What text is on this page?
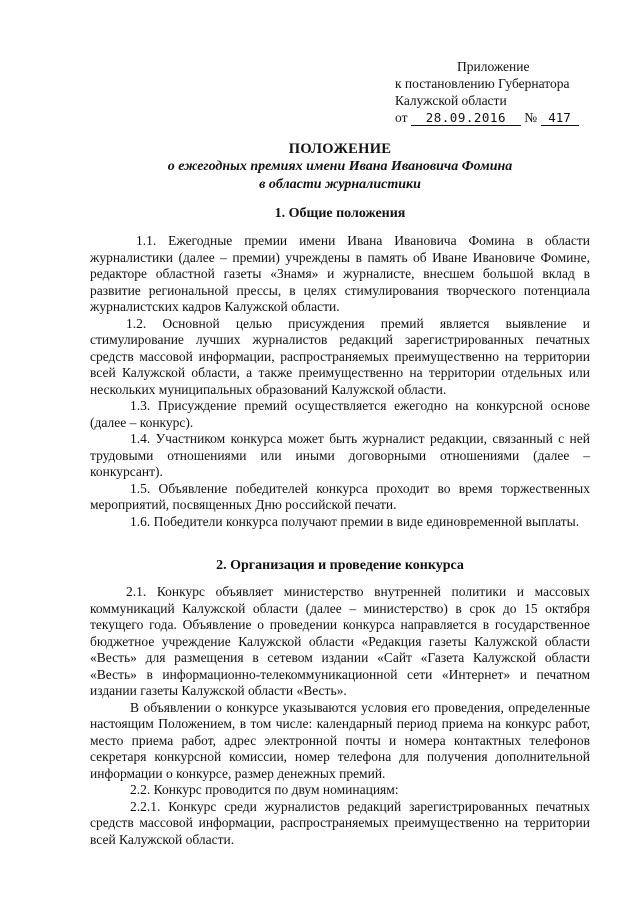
Приложение
к постановлению Губернатора
Калужской области
от 28.09.2016 № 417
ПОЛОЖЕНИЕ
о ежегодных премиях имени Ивана Ивановича Фомина
в области журналистики
1. Общие положения

1.1. Ежегодные премии имени Ивана Ивановича Фомина в области журналистики (далее – премии) учреждены в память об Иване Ивановиче Фомине, редакторе областной газеты «Знамя» и журналисте, внесшем большой вклад в развитие региональной прессы, в целях стимулирования творческого потенциала журналистских кадров Калужской области.

1.2. Основной целью присуждения премий является выявление и стимулирование лучших журналистов редакций зарегистрированных печатных средств массовой информации, распространяемых преимущественно на территории всей Калужской области, а также преимущественно на территории отдельных или нескольких муниципальных образований Калужской области.

1.3. Присуждение премий осуществляется ежегодно на конкурсной основе (далее – конкурс).

1.4. Участником конкурса может быть журналист редакции, связанный с ней трудовыми отношениями или иными договорными отношениями (далее – конкурсант).

1.5. Объявление победителей конкурса проходит во время торжественных мероприятий, посвященных Дню российской печати.

1.6. Победители конкурса получают премии в виде единовременной выплаты.

2. Организация и проведение конкурса

2.1. Конкурс объявляет министерство внутренней политики и массовых коммуникаций Калужской области (далее – министерство) в срок до 15 октября текущего года. Объявление о проведении конкурса направляется в государственное бюджетное учреждение Калужской области «Редакция газеты Калужской области «Весть» для размещения в сетевом издании «Сайт «Газета Калужской области «Весть» в информационно-телекоммуникационной сети «Интернет» и печатном издании газеты Калужской области «Весть».

В объявлении о конкурсе указываются условия его проведения, определенные настоящим Положением, в том числе: календарный период приема на конкурс работ, место приема работ, адрес электронной почты и номера контактных телефонов секретаря конкурсной комиссии, номер телефона для получения дополнительной информации о конкурсе, размер денежных премий.

2.2. Конкурс проводится по двум номинациям:

2.2.1. Конкурс среди журналистов редакций зарегистрированных печатных средств массовой информации, распространяемых преимущественно на территории всей Калужской области.
